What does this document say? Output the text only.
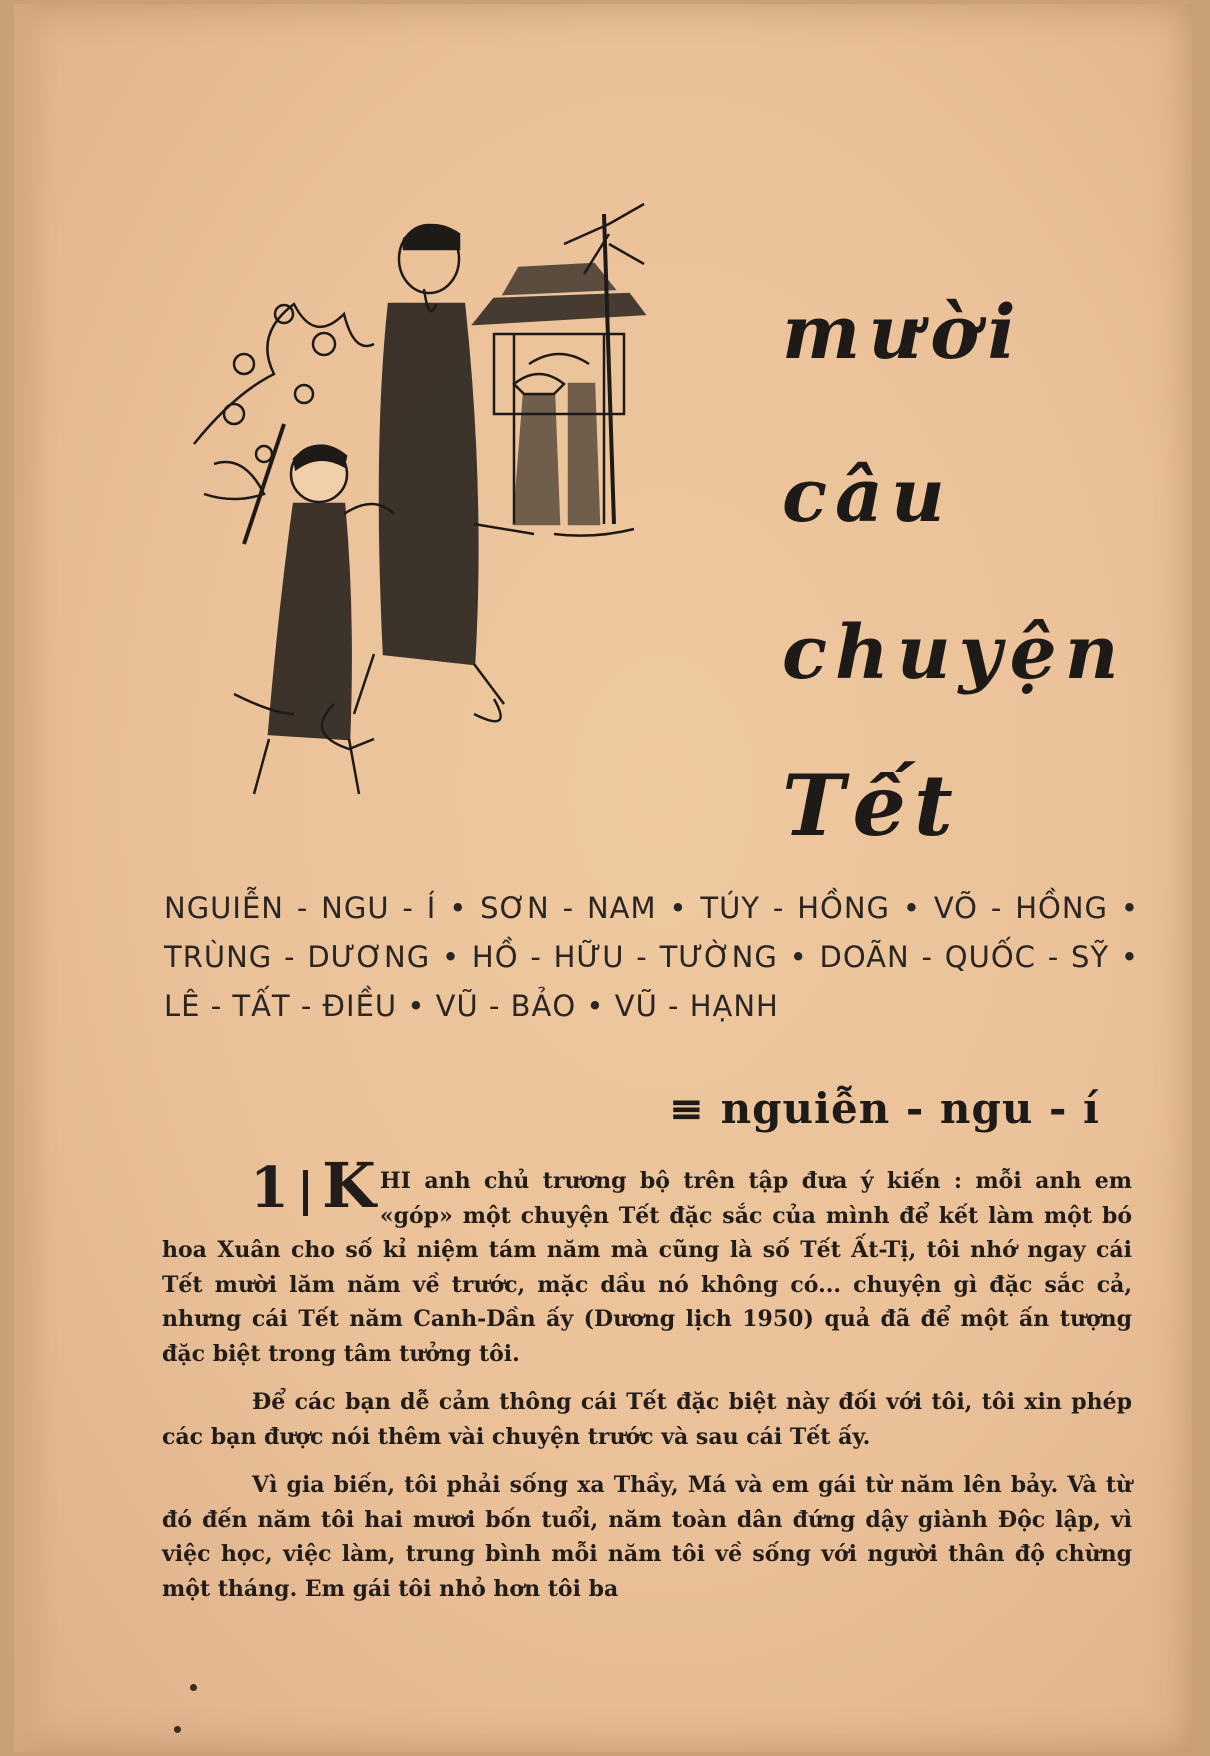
mười
câu
chuyện
Tết
NGUIỄN - NGU - Í • SƠN - NAM • TÚY - HỒNG • VÕ - HỒNG • TRÙNG - DƯƠNG • HỒ - HỮU - TƯỜNG • DOÃN - QUỐC - SỸ • LÊ - TẤT - ĐIỀU • VŨ - BẢO • VŨ - HẠNH
≡ nguiễn - ngu - í

1 K HI anh chủ trương bộ trên tập đưa ý kiến : mỗi anh em «góp» một chuyện Tết đặc sắc của mình để kết làm một bó hoa Xuân cho số kỉ niệm tám năm mà cũng là số Tết Ất-Tị, tôi nhớ ngay cái Tết mười lăm năm về trước, mặc dầu nó không có... chuyện gì đặc sắc cả, nhưng cái Tết năm Canh-Dần ấy (Dương lịch 1950) quả đã để một ấn tượng đặc biệt trong tâm tưởng tôi.

Để các bạn dễ cảm thông cái Tết đặc biệt này đối với tôi, tôi xin phép các bạn được nói thêm vài chuyện trước và sau cái Tết ấy.

Vì gia biến, tôi phải sống xa Thầy, Má và em gái từ năm lên bảy. Và từ đó đến năm tôi hai mươi bốn tuổi, năm toàn dân đứng dậy giành Độc lập, vì việc học, việc làm, trung bình mỗi năm tôi về sống với người thân độ chừng một tháng. Em gái tôi nhỏ hơn tôi ba
